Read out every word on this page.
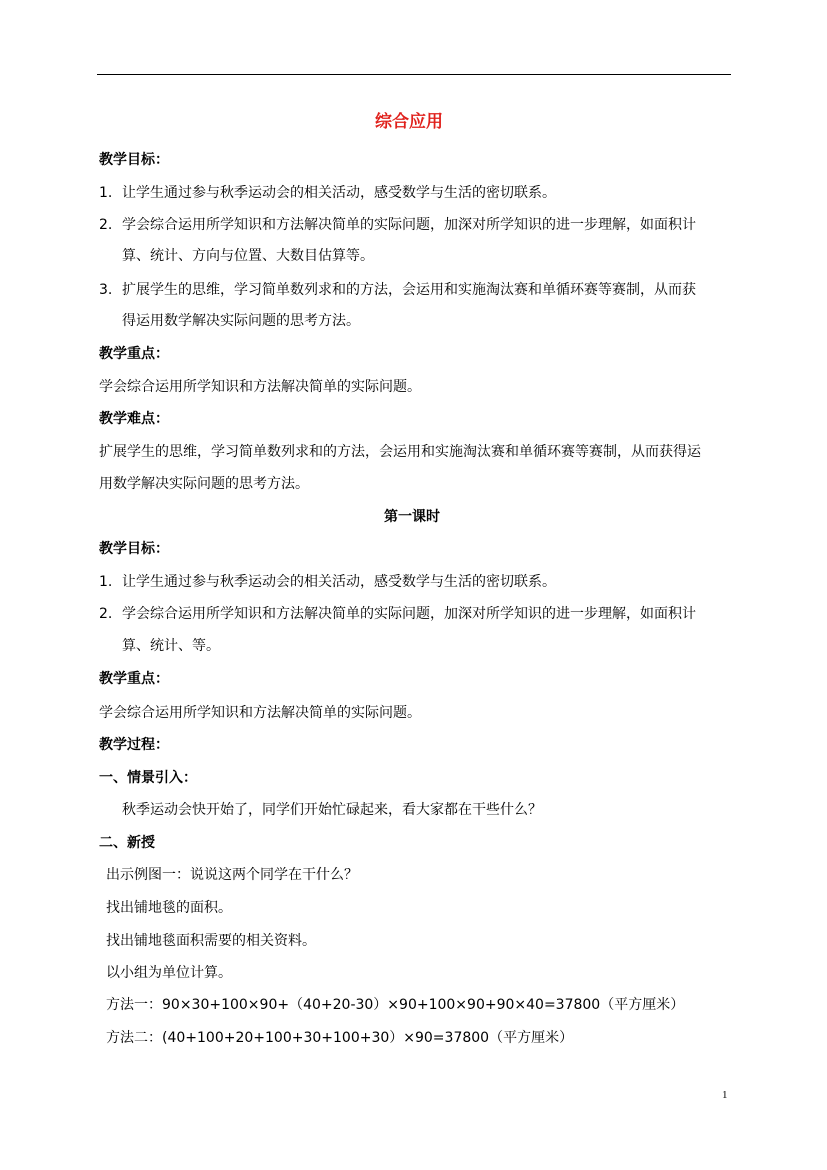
综合应用
教学目标：
1. 让学生通过参与秋季运动会的相关活动，感受数学与生活的密切联系。
2. 学会综合运用所学知识和方法解决简单的实际问题，加深对所学知识的进一步理解，如面积计
算、统计、方向与位置、大数目估算等。
3. 扩展学生的思维，学习简单数列求和的方法，会运用和实施淘汰赛和单循环赛等赛制，从而获
得运用数学解决实际问题的思考方法。
教学重点：
学会综合运用所学知识和方法解决简单的实际问题。
教学难点：
扩展学生的思维，学习简单数列求和的方法，会运用和实施淘汰赛和单循环赛等赛制，从而获得运
用数学解决实际问题的思考方法。
第一课时
教学目标：
1. 让学生通过参与秋季运动会的相关活动，感受数学与生活的密切联系。
2. 学会综合运用所学知识和方法解决简单的实际问题，加深对所学知识的进一步理解，如面积计
算、统计、等。
教学重点：
学会综合运用所学知识和方法解决简单的实际问题。
教学过程：
一、情景引入：
秋季运动会快开始了，同学们开始忙碌起来，看大家都在干些什么？
二、新授
出示例图一：说说这两个同学在干什么？
找出铺地毯的面积。
找出铺地毯面积需要的相关资料。
以小组为单位计算。
方法一：90×30+100×90+（40+20-30）×90+100×90+90×40=37800（平方厘米）
方法二：(40+100+20+100+30+100+30）×90=37800（平方厘米）
1
